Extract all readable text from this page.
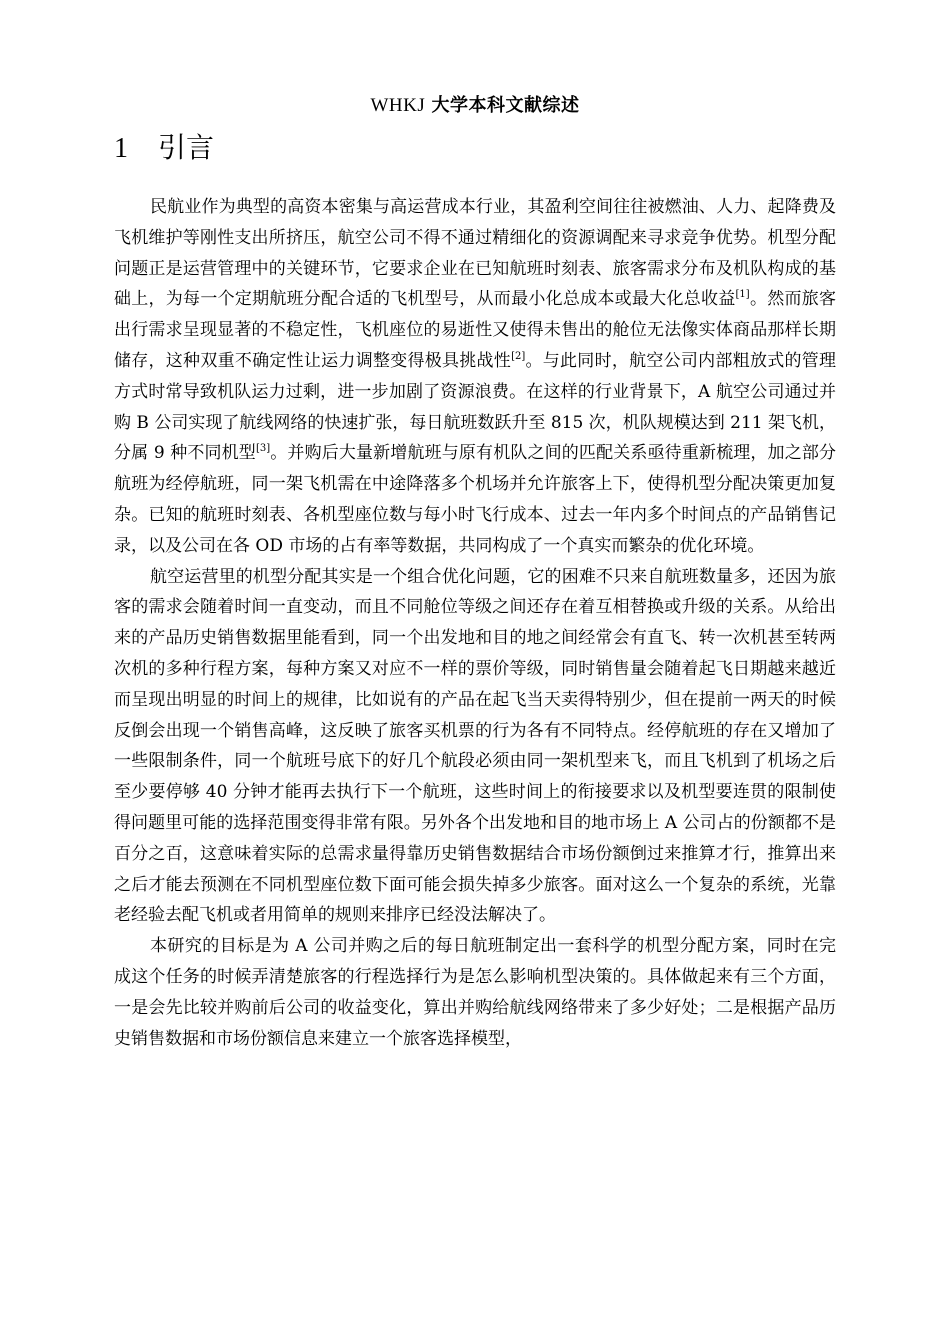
WHKJ 大学本科文献综述
1 引言

民航业作为典型的高资本密集与高运营成本行业，其盈利空间往往被燃油、人力、起降费及飞机维护等刚性支出所挤压，航空公司不得不通过精细化的资源调配来寻求竞争优势。机型分配问题正是运营管理中的关键环节，它要求企业在已知航班时刻表、旅客需求分布及机队构成的基础上，为每一个定期航班分配合适的飞机型号，从而最小化总成本或最大化总收益[1]。然而旅客出行需求呈现显著的不稳定性，飞机座位的易逝性又使得未售出的舱位无法像实体商品那样长期储存，这种双重不确定性让运力调整变得极具挑战性[2]。与此同时，航空公司内部粗放式的管理方式时常导致机队运力过剩，进一步加剧了资源浪费。在这样的行业背景下，A 航空公司通过并购 B 公司实现了航线网络的快速扩张，每日航班数跃升至 815 次，机队规模达到 211 架飞机，分属 9 种不同机型[3]。并购后大量新增航班与原有机队之间的匹配关系亟待重新梳理，加之部分航班为经停航班，同一架飞机需在中途降落多个机场并允许旅客上下，使得机型分配决策更加复杂。已知的航班时刻表、各机型座位数与每小时飞行成本、过去一年内多个时间点的产品销售记录，以及公司在各 OD 市场的占有率等数据，共同构成了一个真实而繁杂的优化环境。

航空运营里的机型分配其实是一个组合优化问题，它的困难不只来自航班数量多，还因为旅客的需求会随着时间一直变动，而且不同舱位等级之间还存在着互相替换或升级的关系。从给出来的产品历史销售数据里能看到，同一个出发地和目的地之间经常会有直飞、转一次机甚至转两次机的多种行程方案，每种方案又对应不一样的票价等级，同时销售量会随着起飞日期越来越近而呈现出明显的时间上的规律，比如说有的产品在起飞当天卖得特别少，但在提前一两天的时候反倒会出现一个销售高峰，这反映了旅客买机票的行为各有不同特点。经停航班的存在又增加了一些限制条件，同一个航班号底下的好几个航段必须由同一架机型来飞，而且飞机到了机场之后至少要停够 40 分钟才能再去执行下一个航班，这些时间上的衔接要求以及机型要连贯的限制使得问题里可能的选择范围变得非常有限。另外各个出发地和目的地市场上 A 公司占的份额都不是百分之百，这意味着实际的总需求量得靠历史销售数据结合市场份额倒过来推算才行，推算出来之后才能去预测在不同机型座位数下面可能会损失掉多少旅客。面对这么一个复杂的系统，光靠老经验去配飞机或者用简单的规则来排序已经没法解决了。

本研究的目标是为 A 公司并购之后的每日航班制定出一套科学的机型分配方案，同时在完成这个任务的时候弄清楚旅客的行程选择行为是怎么影响机型决策的。具体做起来有三个方面，一是会先比较并购前后公司的收益变化，算出并购给航线网络带来了多少好处；二是根据产品历史销售数据和市场份额信息来建立一个旅客选择模型，
